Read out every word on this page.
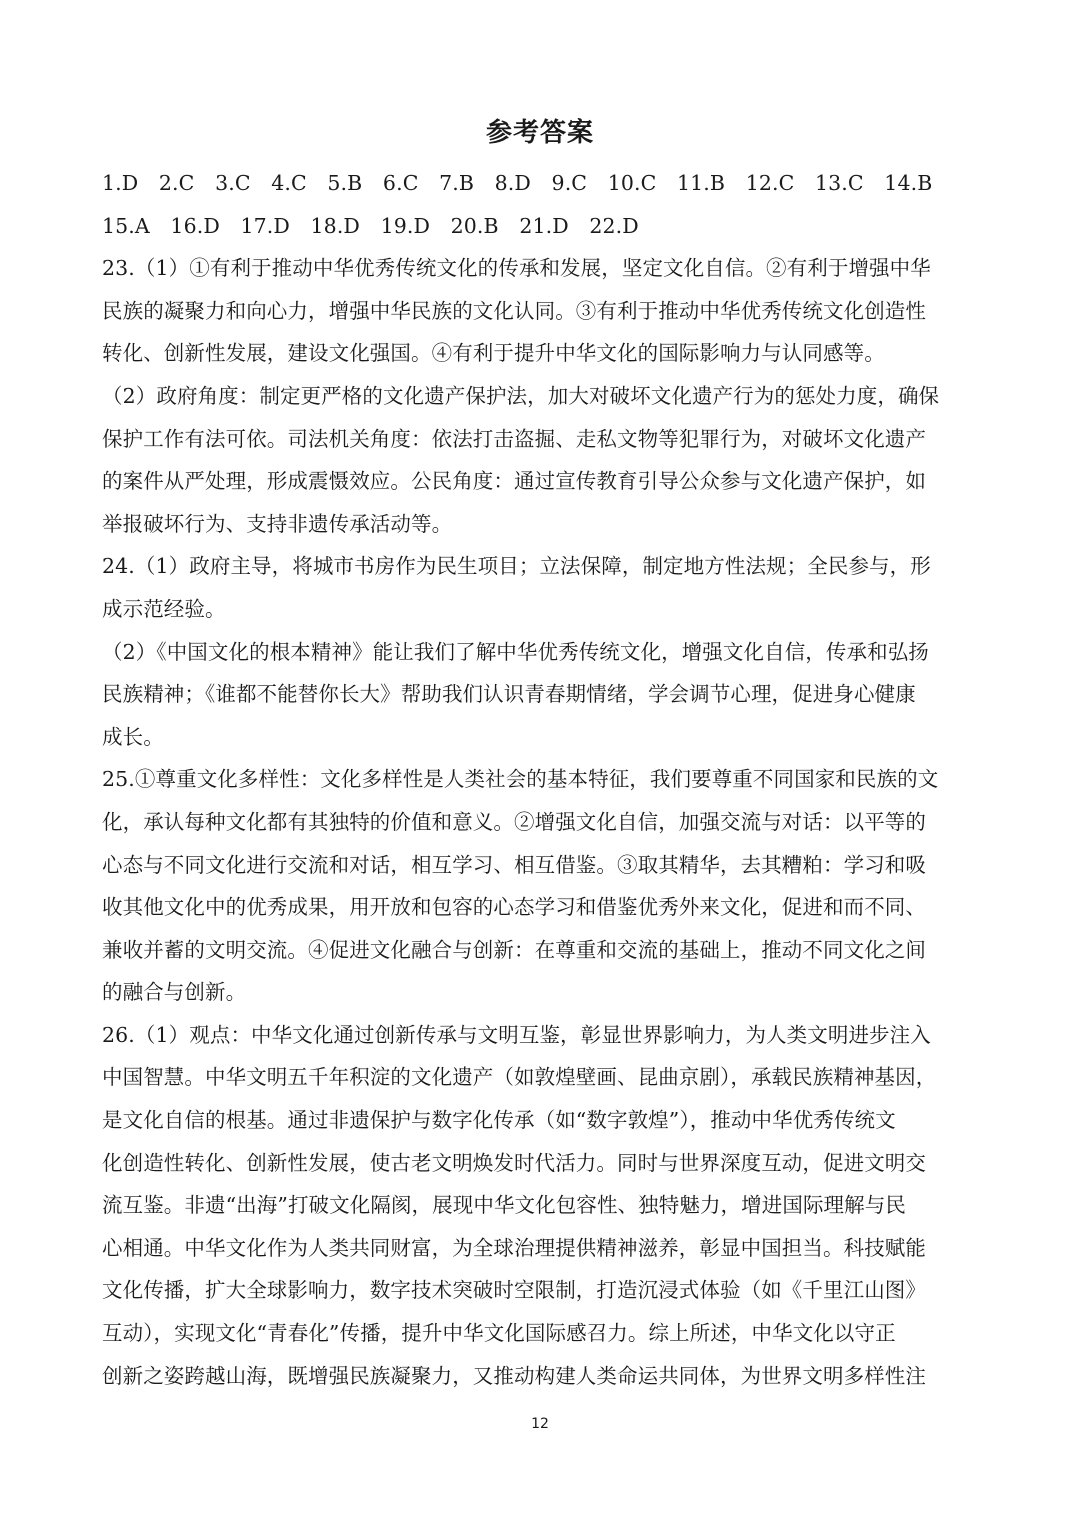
参考答案
1.D 2.C 3.C 4.C 5.B 6.C 7.B 8.D 9.C 10.C 11.B 12.C 13.C 14.B
15.A 16.D 17.D 18.D 19.D 20.B 21.D 22.D
23.（1）①有利于推动中华优秀传统文化的传承和发展，坚定文化自信。②有利于增强中华
民族的凝聚力和向心力，增强中华民族的文化认同。③有利于推动中华优秀传统文化创造性
转化、创新性发展，建设文化强国。④有利于提升中华文化的国际影响力与认同感等。
（2）政府角度：制定更严格的文化遗产保护法，加大对破坏文化遗产行为的惩处力度，确保
保护工作有法可依。司法机关角度：依法打击盗掘、走私文物等犯罪行为，对破坏文化遗产
的案件从严处理，形成震慑效应。公民角度：通过宣传教育引导公众参与文化遗产保护，如
举报破坏行为、支持非遗传承活动等。
24.（1）政府主导，将城市书房作为民生项目；立法保障，制定地方性法规；全民参与，形
成示范经验。
（2）《中国文化的根本精神》能让我们了解中华优秀传统文化，增强文化自信，传承和弘扬
民族精神；《谁都不能替你长大》帮助我们认识青春期情绪，学会调节心理，促进身心健康
成长。
25.①尊重文化多样性：文化多样性是人类社会的基本特征，我们要尊重不同国家和民族的文
化，承认每种文化都有其独特的价值和意义。②增强文化自信，加强交流与对话：以平等的
心态与不同文化进行交流和对话，相互学习、相互借鉴。③取其精华，去其糟粕：学习和吸
收其他文化中的优秀成果，用开放和包容的心态学习和借鉴优秀外来文化，促进和而不同、
兼收并蓄的文明交流。④促进文化融合与创新：在尊重和交流的基础上，推动不同文化之间
的融合与创新。
26.（1）观点：中华文化通过创新传承与文明互鉴，彰显世界影响力，为人类文明进步注入
中国智慧。中华文明五千年积淀的文化遗产（如敦煌壁画、昆曲京剧），承载民族精神基因，
是文化自信的根基。通过非遗保护与数字化传承（如“数字敦煌”），推动中华优秀传统文
化创造性转化、创新性发展，使古老文明焕发时代活力。同时与世界深度互动，促进文明交
流互鉴。非遗“出海”打破文化隔阂，展现中华文化包容性、独特魅力，增进国际理解与民
心相通。中华文化作为人类共同财富，为全球治理提供精神滋养，彰显中国担当。科技赋能
文化传播，扩大全球影响力，数字技术突破时空限制，打造沉浸式体验（如《千里江山图》
互动），实现文化“青春化”传播，提升中华文化国际感召力。综上所述，中华文化以守正
创新之姿跨越山海，既增强民族凝聚力，又推动构建人类命运共同体，为世界文明多样性注
12
